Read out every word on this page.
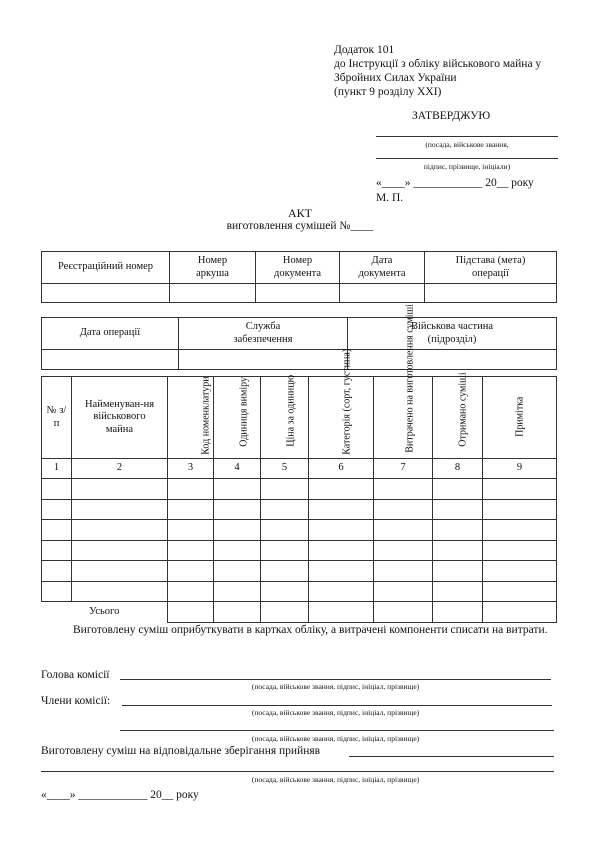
Додаток 101
до Інструкції з обліку військового майна у
Збройних Силах України
(пункт 9 розділу XXI)
ЗАТВЕРДЖУЮ
(посада, військове звання,
підпис, прізвище, ініціали)
«____» ____________ 20__ року
М. П.
АКТ
виготовлення сумішей №____
Реєстраційний номер	Номер аркуша	Номер документа	Дата документа	Підстава (мета) операції

Дата операції	Служба забезпечення	Військова частина (підрозділ)

№ з/п	Найменуван-ня військового майна	Код номенклатури	Одиниця виміру	Ціна за одиницю	Категорія (сорт, густина)	Витрачено на виготовлення суміші	Отримано суміші	Примітка
1	2	3	4	5	6	7	8	9

Усього								
Виготовлену суміш оприбуткувати в картках обліку, а витрачені компоненти списати на витрати.
Голова комісії
(посада, військове звання, підпис, ініціал, прізвище)
Члени комісії:
(посада, військове звання, підпис, ініціал, прізвище)
(посада, військове звання, підпис, ініціал, прізвище)
Виготовлену суміш на відповідальне зберігання прийняв
(посада, військове звання, підпис, ініціал, прізвище)
«____» ____________ 20__ року
